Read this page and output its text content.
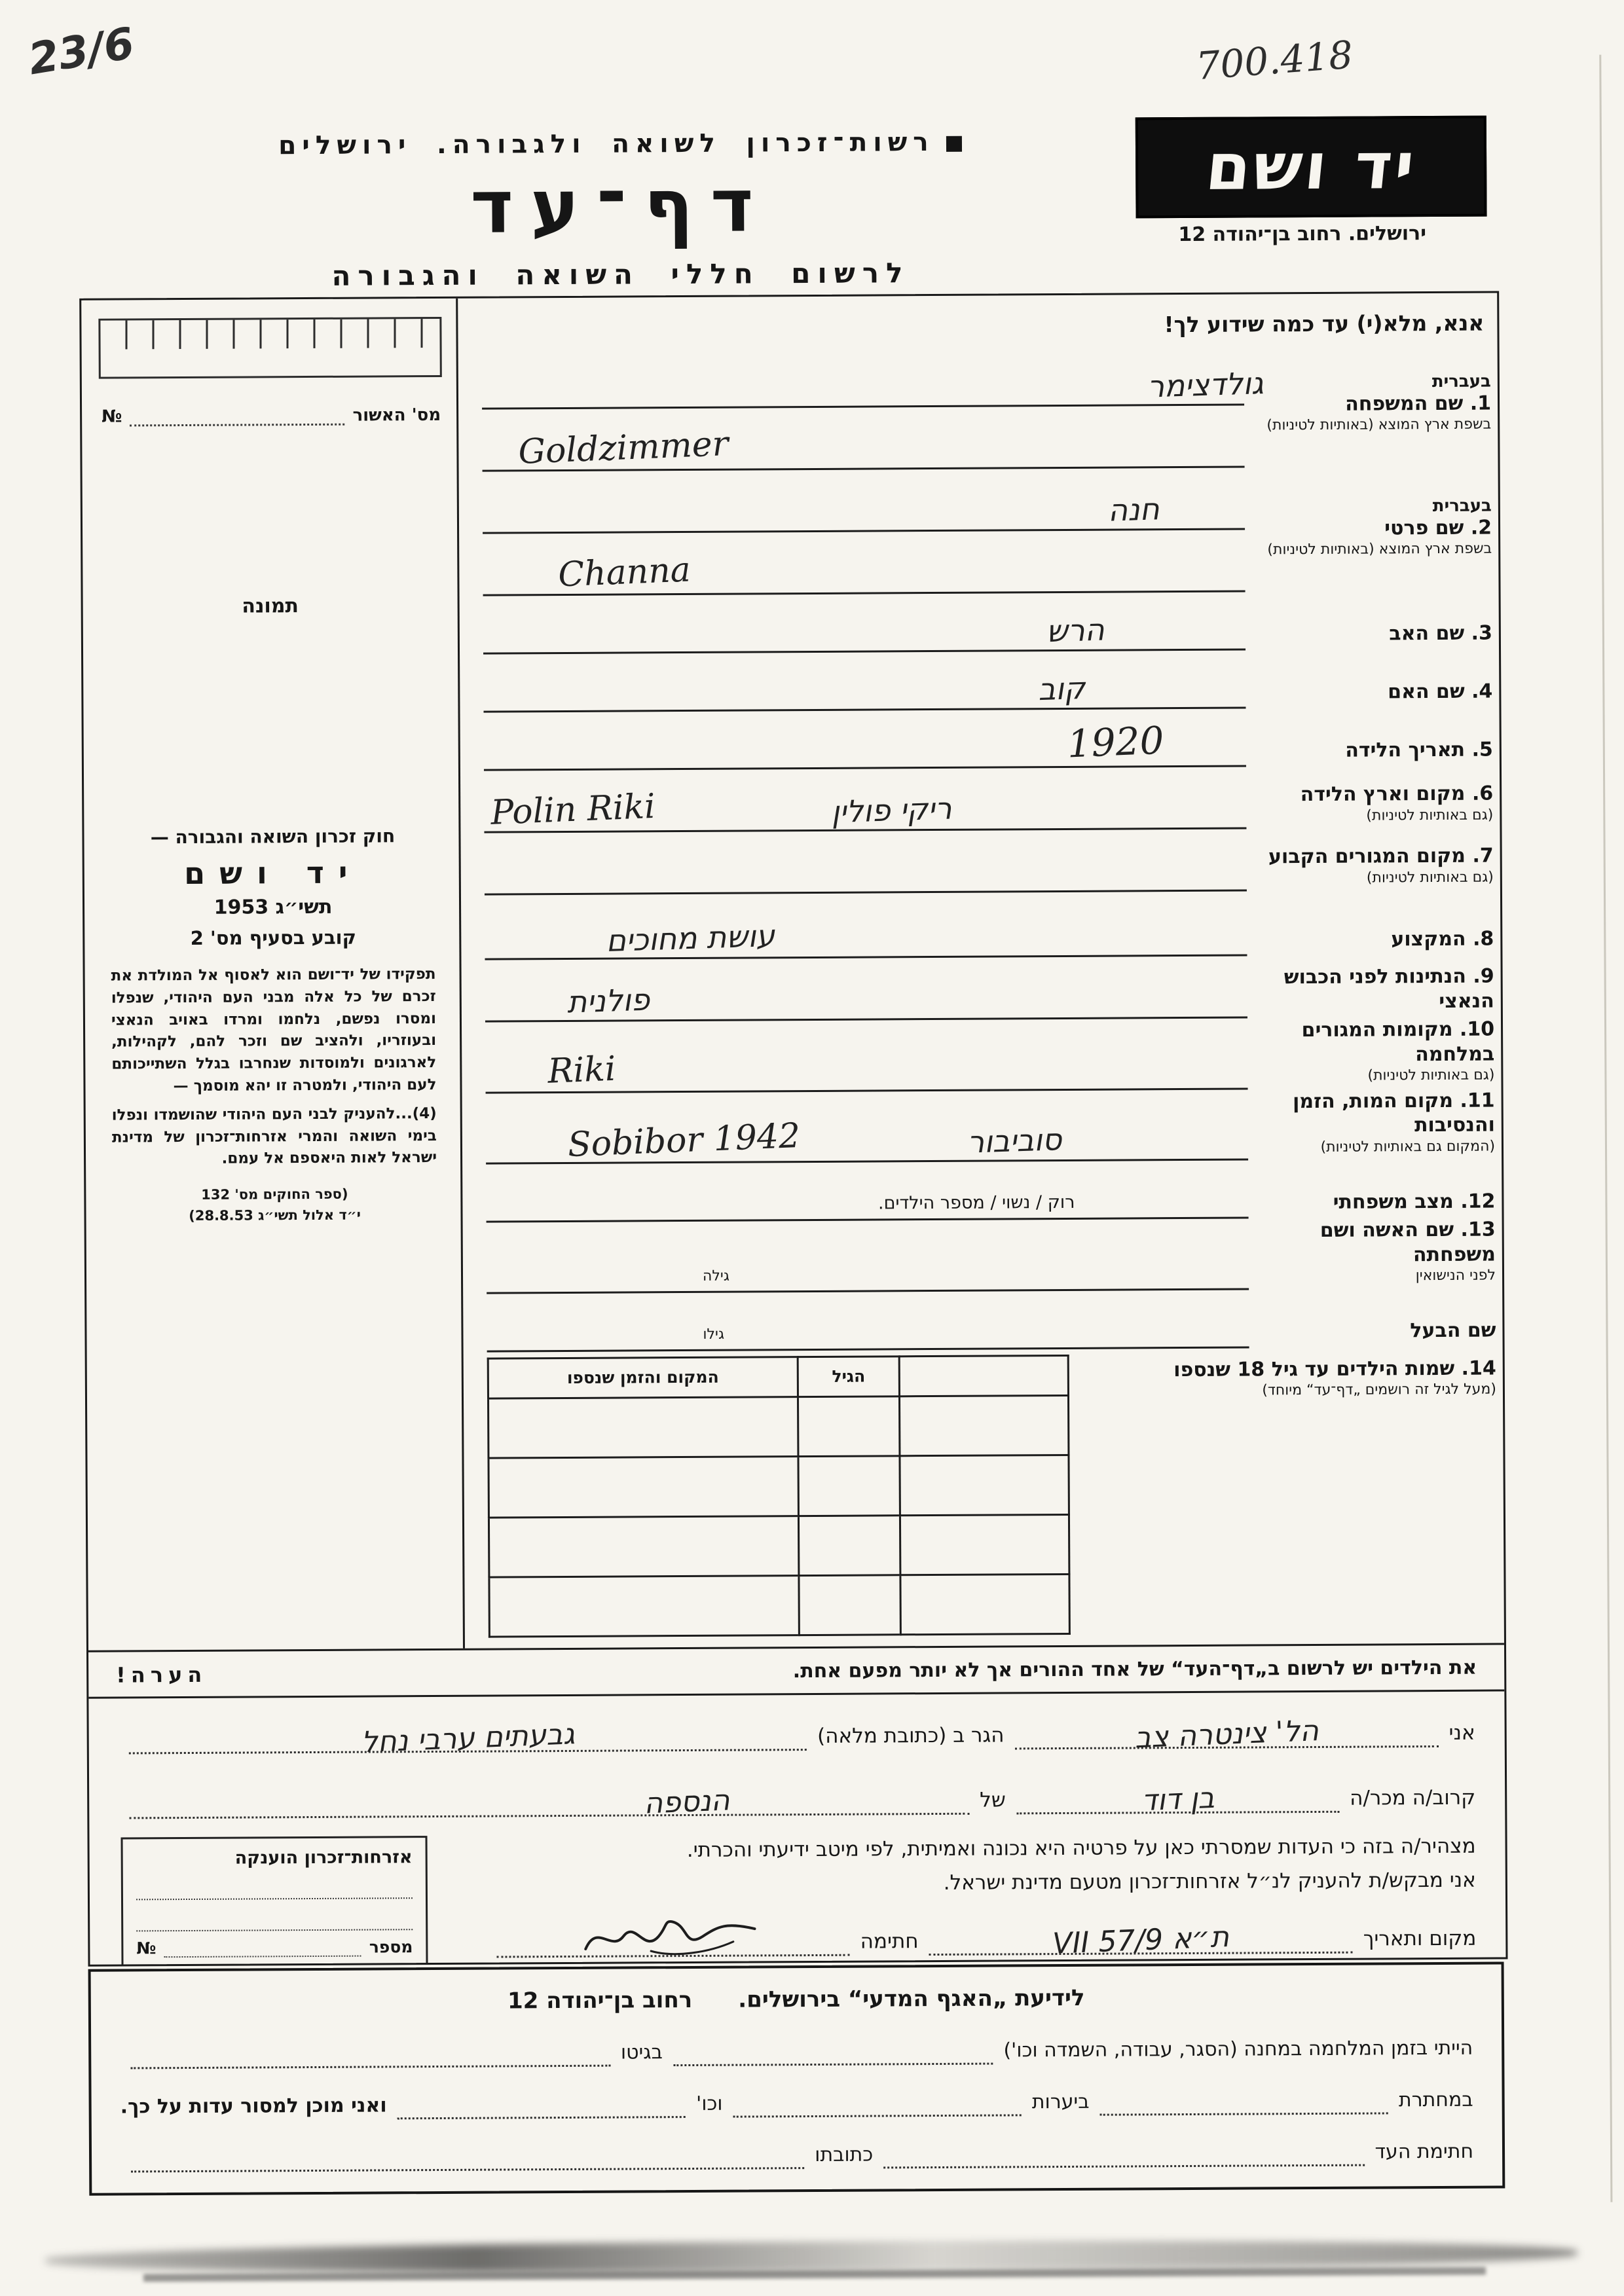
23/6	700.418
רשות־זכרון לשואה ולגבורה. ירושלים
דף־עד
לרשום חללי השואה והגבורה
יד ושם
ירושלים. רחוב בן־יהודה 12
מס' האשור
№
תמונה
חוק זכרון השואה והגבורה —
יד ושם
תשי״ג 1953
קובע בסעיף מס' 2
תפקידו של יד־ושם הוא לאסוף אל המולדת את זכרם של כל אלה מבני העם היהודי, שנפלו ומסרו נפשם, נלחמו ומרדו באויב הנאצי ובעוזריו, ולהציב שם וזכר להם, לקהילות, לארגונים ולמוסדות שנחרבו בגלל השתייכותם לעם היהודי, ולמטרה זו יהא מוסמך —
(4)...להעניק לבני העם היהודי שהושמדו ונפלו בימי השואה והמרי אזרחות־זכרון של מדינת ישראל לאות היאספם אל עמם.
(ספר החוקים מס' 132
י״ד אלול תשי״ג 28.8.53)
אנא, מלא(י) עד כמה שידוע לך!
בעברית
1. שם המשפחה
בשפת ארץ המוצא (באותיות לטיניות)
גולדצימר
Goldzimmer
בעברית
2. שם פרטי
בשפת ארץ המוצא (באותיות לטיניות)
חנה
Channa
3. שם האב
הרש
4. שם האם
קוב
5. תאריך הלידה
1920
6. מקום וארץ הלידה
(גם באותיות לטיניות)
Polin Riki	ריקי פולין
7. מקום המגורים הקבוע
(גם באותיות לטיניות)
8. המקצוע
עושת מחוכים
9. הנתינות לפני הכבוש הנאצי
פולנית
10. מקומות המגורים במלחמה
(גם באותיות לטיניות)
Riki
11. מקום המות, הזמן והנסיבות
(המקום גם באותיות לטיניות)
Sobibor 1942	סוביבור
12. מצב משפחתי
רוק / נשוי / מספר הילדים.
13. שם האשה ושם משפחתה
לפני הנישואין
גילה
שם הבעל
גילו
14. שמות הילדים עד גיל 18 שנספו
(מעל לגיל זה רושמים „דף־עד“ מיוחד)
	הגיל	המקום והזמן שנספו

את הילדים יש לרשום ב„דף־העד“ של אחד ההורים אך לא יותר מפעם אחת.
הערה!
אני
הל' צינטרה צב
הגר ב (כתובת מלאה)
גבעתים ערבי נחל
קרוב/ה מכר/ה
בן דוד
של
הנספה
מצהיר/ה בזה כי העדות שמסרתי כאן על פרטיה היא נכונה ואמיתית, לפי מיטב ידיעתי והכרתי.
אני מבקש/ת להעניק לנ״ל אזרחות־זכרון מטעם מדינת ישראל.
מקום ותאריך
ת״א 9/VII 57
חתימה
אזרחות־זכרון הוענקה
מספר
№
לידיעת „האגף המדעי“ בירושלים.
רחוב בן־יהודה 12
הייתי בזמן המלחמה במחנה (הסגר, עבודה, השמדה וכו')
בגיטו
במחתרת
ביערות
וכו'
ואני מוכן למסור עדות על כך.
חתימת העד
כתובתו
